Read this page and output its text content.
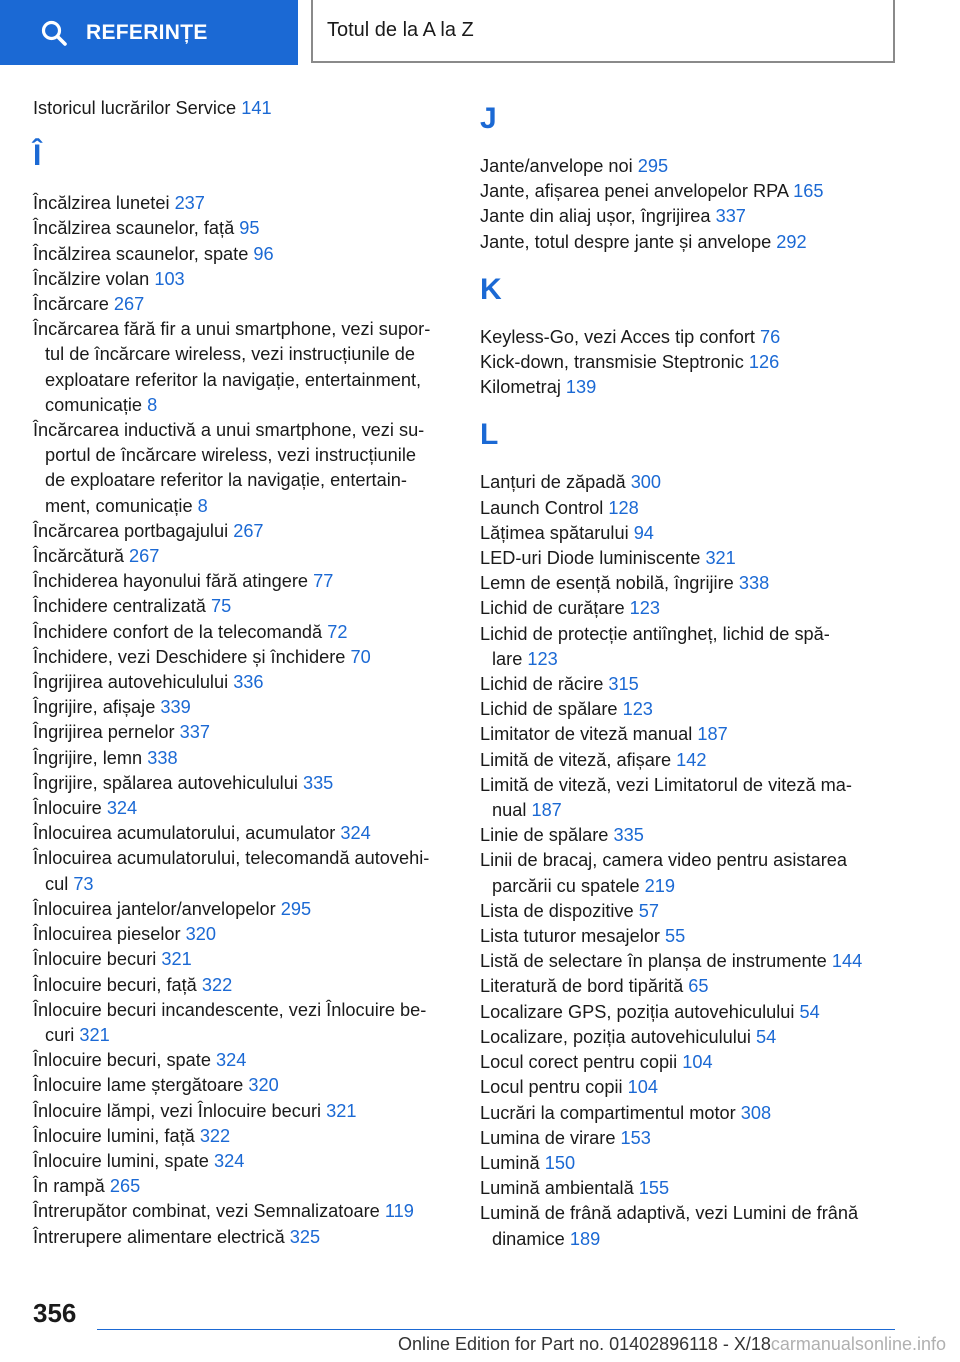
REFERINȚE	Totul de la A la Z
Istoricul lucrărilor Service 141
Î
Încălzirea lunetei 237
Încălzirea scaunelor, față 95
Încălzirea scaunelor, spate 96
Încălzire volan 103
Încărcare 267
Încărcarea fără fir a unui smartphone, vezi supor-
tul de încărcare wireless, vezi instrucțiunile de
exploatare referitor la navigație, entertainment,
comunicație 8
Încărcarea inductivă a unui smartphone, vezi su-
portul de încărcare wireless, vezi instrucțiunile
de exploatare referitor la navigație, entertain-
ment, comunicație 8
Încărcarea portbagajului 267
Încărcătură 267
Închiderea hayonului fără atingere 77
Închidere centralizată 75
Închidere confort de la telecomandă 72
Închidere, vezi Deschidere și închidere 70
Îngrijirea autovehiculului 336
Îngrijire, afișaje 339
Îngrijirea pernelor 337
Îngrijire, lemn 338
Îngrijire, spălarea autovehiculului 335
Înlocuire 324
Înlocuirea acumulatorului, acumulator 324
Înlocuirea acumulatorului, telecomandă autovehi-
cul 73
Înlocuirea jantelor/anvelopelor 295
Înlocuirea pieselor 320
Înlocuire becuri 321
Înlocuire becuri, față 322
Înlocuire becuri incandescente, vezi Înlocuire be-
curi 321
Înlocuire becuri, spate 324
Înlocuire lame ștergătoare 320
Înlocuire lămpi, vezi Înlocuire becuri 321
Înlocuire lumini, față 322
Înlocuire lumini, spate 324
În rampă 265
Întrerupător combinat, vezi Semnalizatoare 119
Întrerupere alimentare electrică 325
J
Jante/anvelope noi 295
Jante, afișarea penei anvelopelor RPA 165
Jante din aliaj ușor, îngrijirea 337
Jante, totul despre jante și anvelope 292
K
Keyless-Go, vezi Acces tip confort 76
Kick-down, transmisie Steptronic 126
Kilometraj 139
L
Lanțuri de zăpadă 300
Launch Control 128
Lățimea spătarului 94
LED-uri Diode luminiscente 321
Lemn de esență nobilă, îngrijire 338
Lichid de curățare 123
Lichid de protecție antiîngheț, lichid de spă-
lare 123
Lichid de răcire 315
Lichid de spălare 123
Limitator de viteză manual 187
Limită de viteză, afișare 142
Limită de viteză, vezi Limitatorul de viteză ma-
nual 187
Linie de spălare 335
Linii de bracaj, camera video pentru asistarea
parcării cu spatele 219
Lista de dispozitive 57
Lista tuturor mesajelor 55
Listă de selectare în planșa de instrumente 144
Literatură de bord tipărită 65
Localizare GPS, poziția autovehiculului 54
Localizare, poziția autovehiculului 54
Locul corect pentru copii 104
Locul pentru copii 104
Lucrări la compartimentul motor 308
Lumina de virare 153
Lumină 150
Lumină ambientală 155
Lumină de frână adaptivă, vezi Lumini de frână
dinamice 189
356
Online Edition for Part no. 01402896118 - X/18carmanualsonline.info
